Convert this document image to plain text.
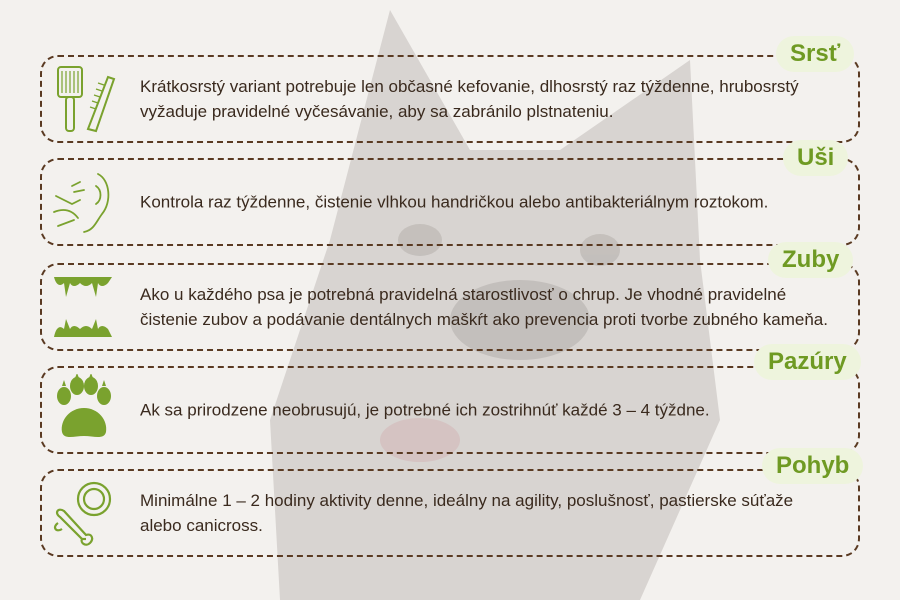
Krátkosrstý variant potrebuje len občasné kefovanie, dlhosrstý raz týždenne, hrubosrstý vyžaduje pravidelné vyčesávanie, aby sa zabránilo plstnateniu.
Srsť
Kontrola raz týždenne, čistenie vlhkou handričkou alebo antibakteriálnym roztokom.
Uši
Ako u každého psa je potrebná pravidelná starostlivosť o chrup. Je vhodné pravidelné čistenie zubov a podávanie dentálnych maškŕt ako prevencia proti tvorbe zubného kameňa.
Zuby
Ak sa prirodzene neobrusujú, je potrebné ich zostrihnúť každé 3 – 4 týždne.
Pazúry
Minimálne 1 – 2 hodiny aktivity denne, ideálny na agility, poslušnosť, pastierske súťaže alebo canicross.
Pohyb
